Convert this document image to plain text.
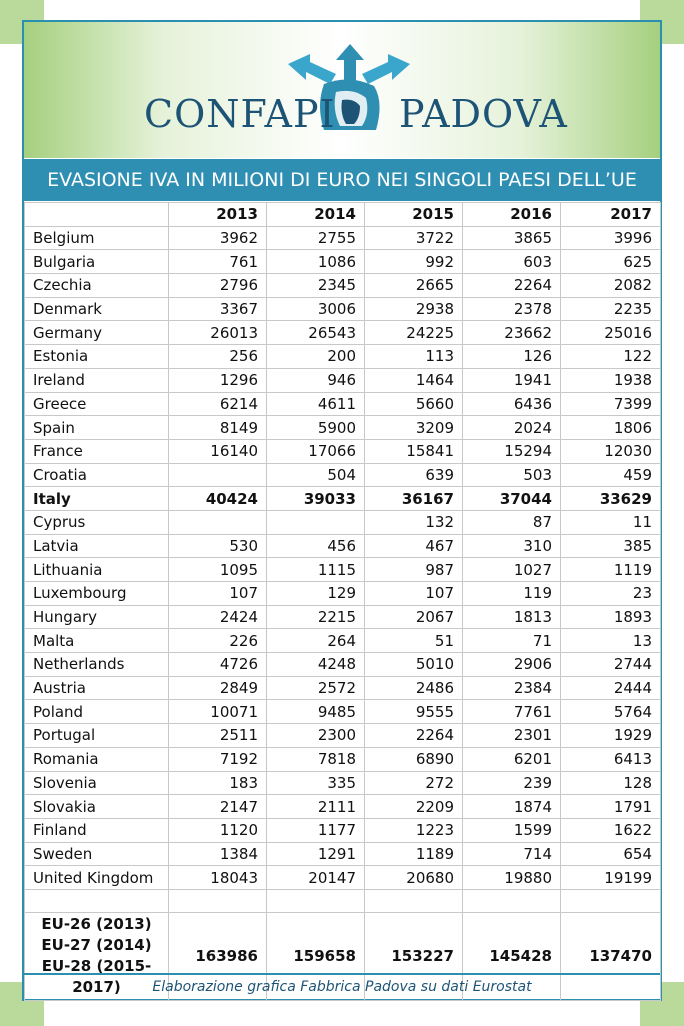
CONFAPI PADOVA
EVASIONE IVA IN MILIONI DI EURO NEI SINGOLI PAESI DELL’UE
	2013	2014	2015	2016	2017
Belgium	3962	2755	3722	3865	3996
Bulgaria	761	1086	992	603	625
Czechia	2796	2345	2665	2264	2082
Denmark	3367	3006	2938	2378	2235
Germany	26013	26543	24225	23662	25016
Estonia	256	200	113	126	122
Ireland	1296	946	1464	1941	1938
Greece	6214	4611	5660	6436	7399
Spain	8149	5900	3209	2024	1806
France	16140	17066	15841	15294	12030
Croatia		504	639	503	459
Italy	40424	39033	36167	37044	33629
Cyprus			132	87	11
Latvia	530	456	467	310	385
Lithuania	1095	1115	987	1027	1119
Luxembourg	107	129	107	119	23
Hungary	2424	2215	2067	1813	1893
Malta	226	264	51	71	13
Netherlands	4726	4248	5010	2906	2744
Austria	2849	2572	2486	2384	2444
Poland	10071	9485	9555	7761	5764
Portugal	2511	2300	2264	2301	1929
Romania	7192	7818	6890	6201	6413
Slovenia	183	335	272	239	128
Slovakia	2147	2111	2209	1874	1791
Finland	1120	1177	1223	1599	1622
Sweden	1384	1291	1189	714	654
United Kingdom	18043	20147	20680	19880	19199

EU-26 (2013)
EU-27 (2014)
EU-28 (2015-
2017)	163986	159658	153227	145428	137470
Elaborazione grafica Fabbrica Padova su dati Eurostat
